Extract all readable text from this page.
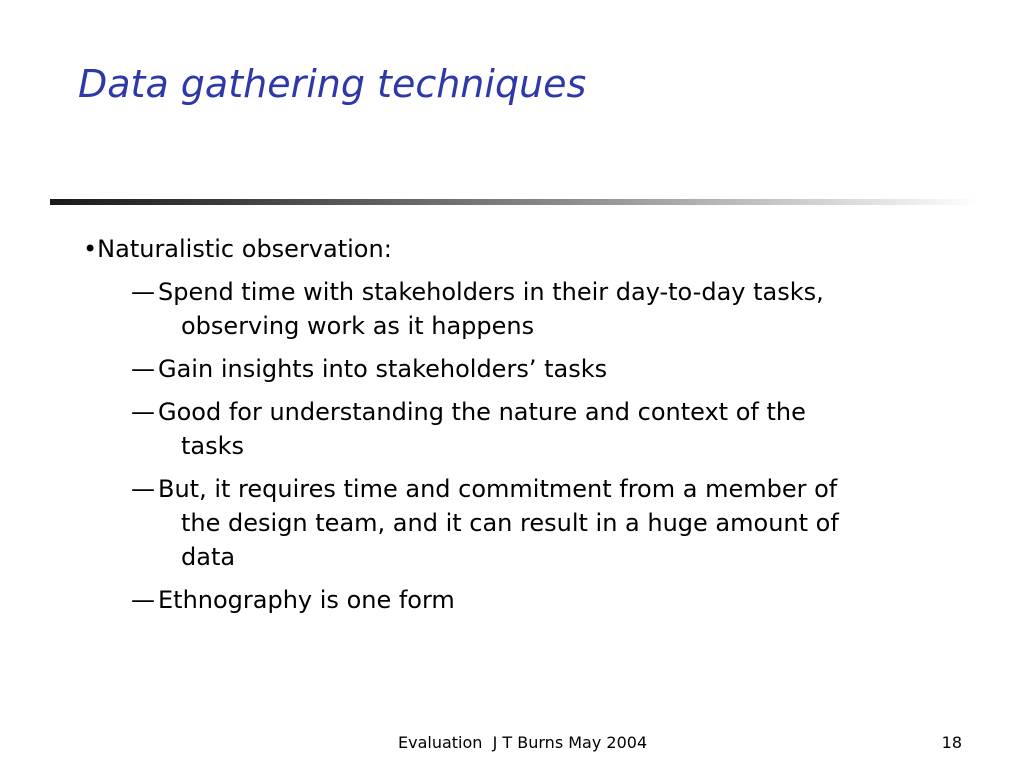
Data gathering techniques

•Naturalistic observation:

— Spend time with stakeholders in their day-to-day tasks, observing work as it happens
— Gain insights into stakeholders’ tasks
— Good for understanding the nature and context of the tasks
— But, it requires time and commitment from a member of the design team, and it can result in a huge amount of data
— Ethnography is one form
Evaluation  J T Burns May 2004	18
